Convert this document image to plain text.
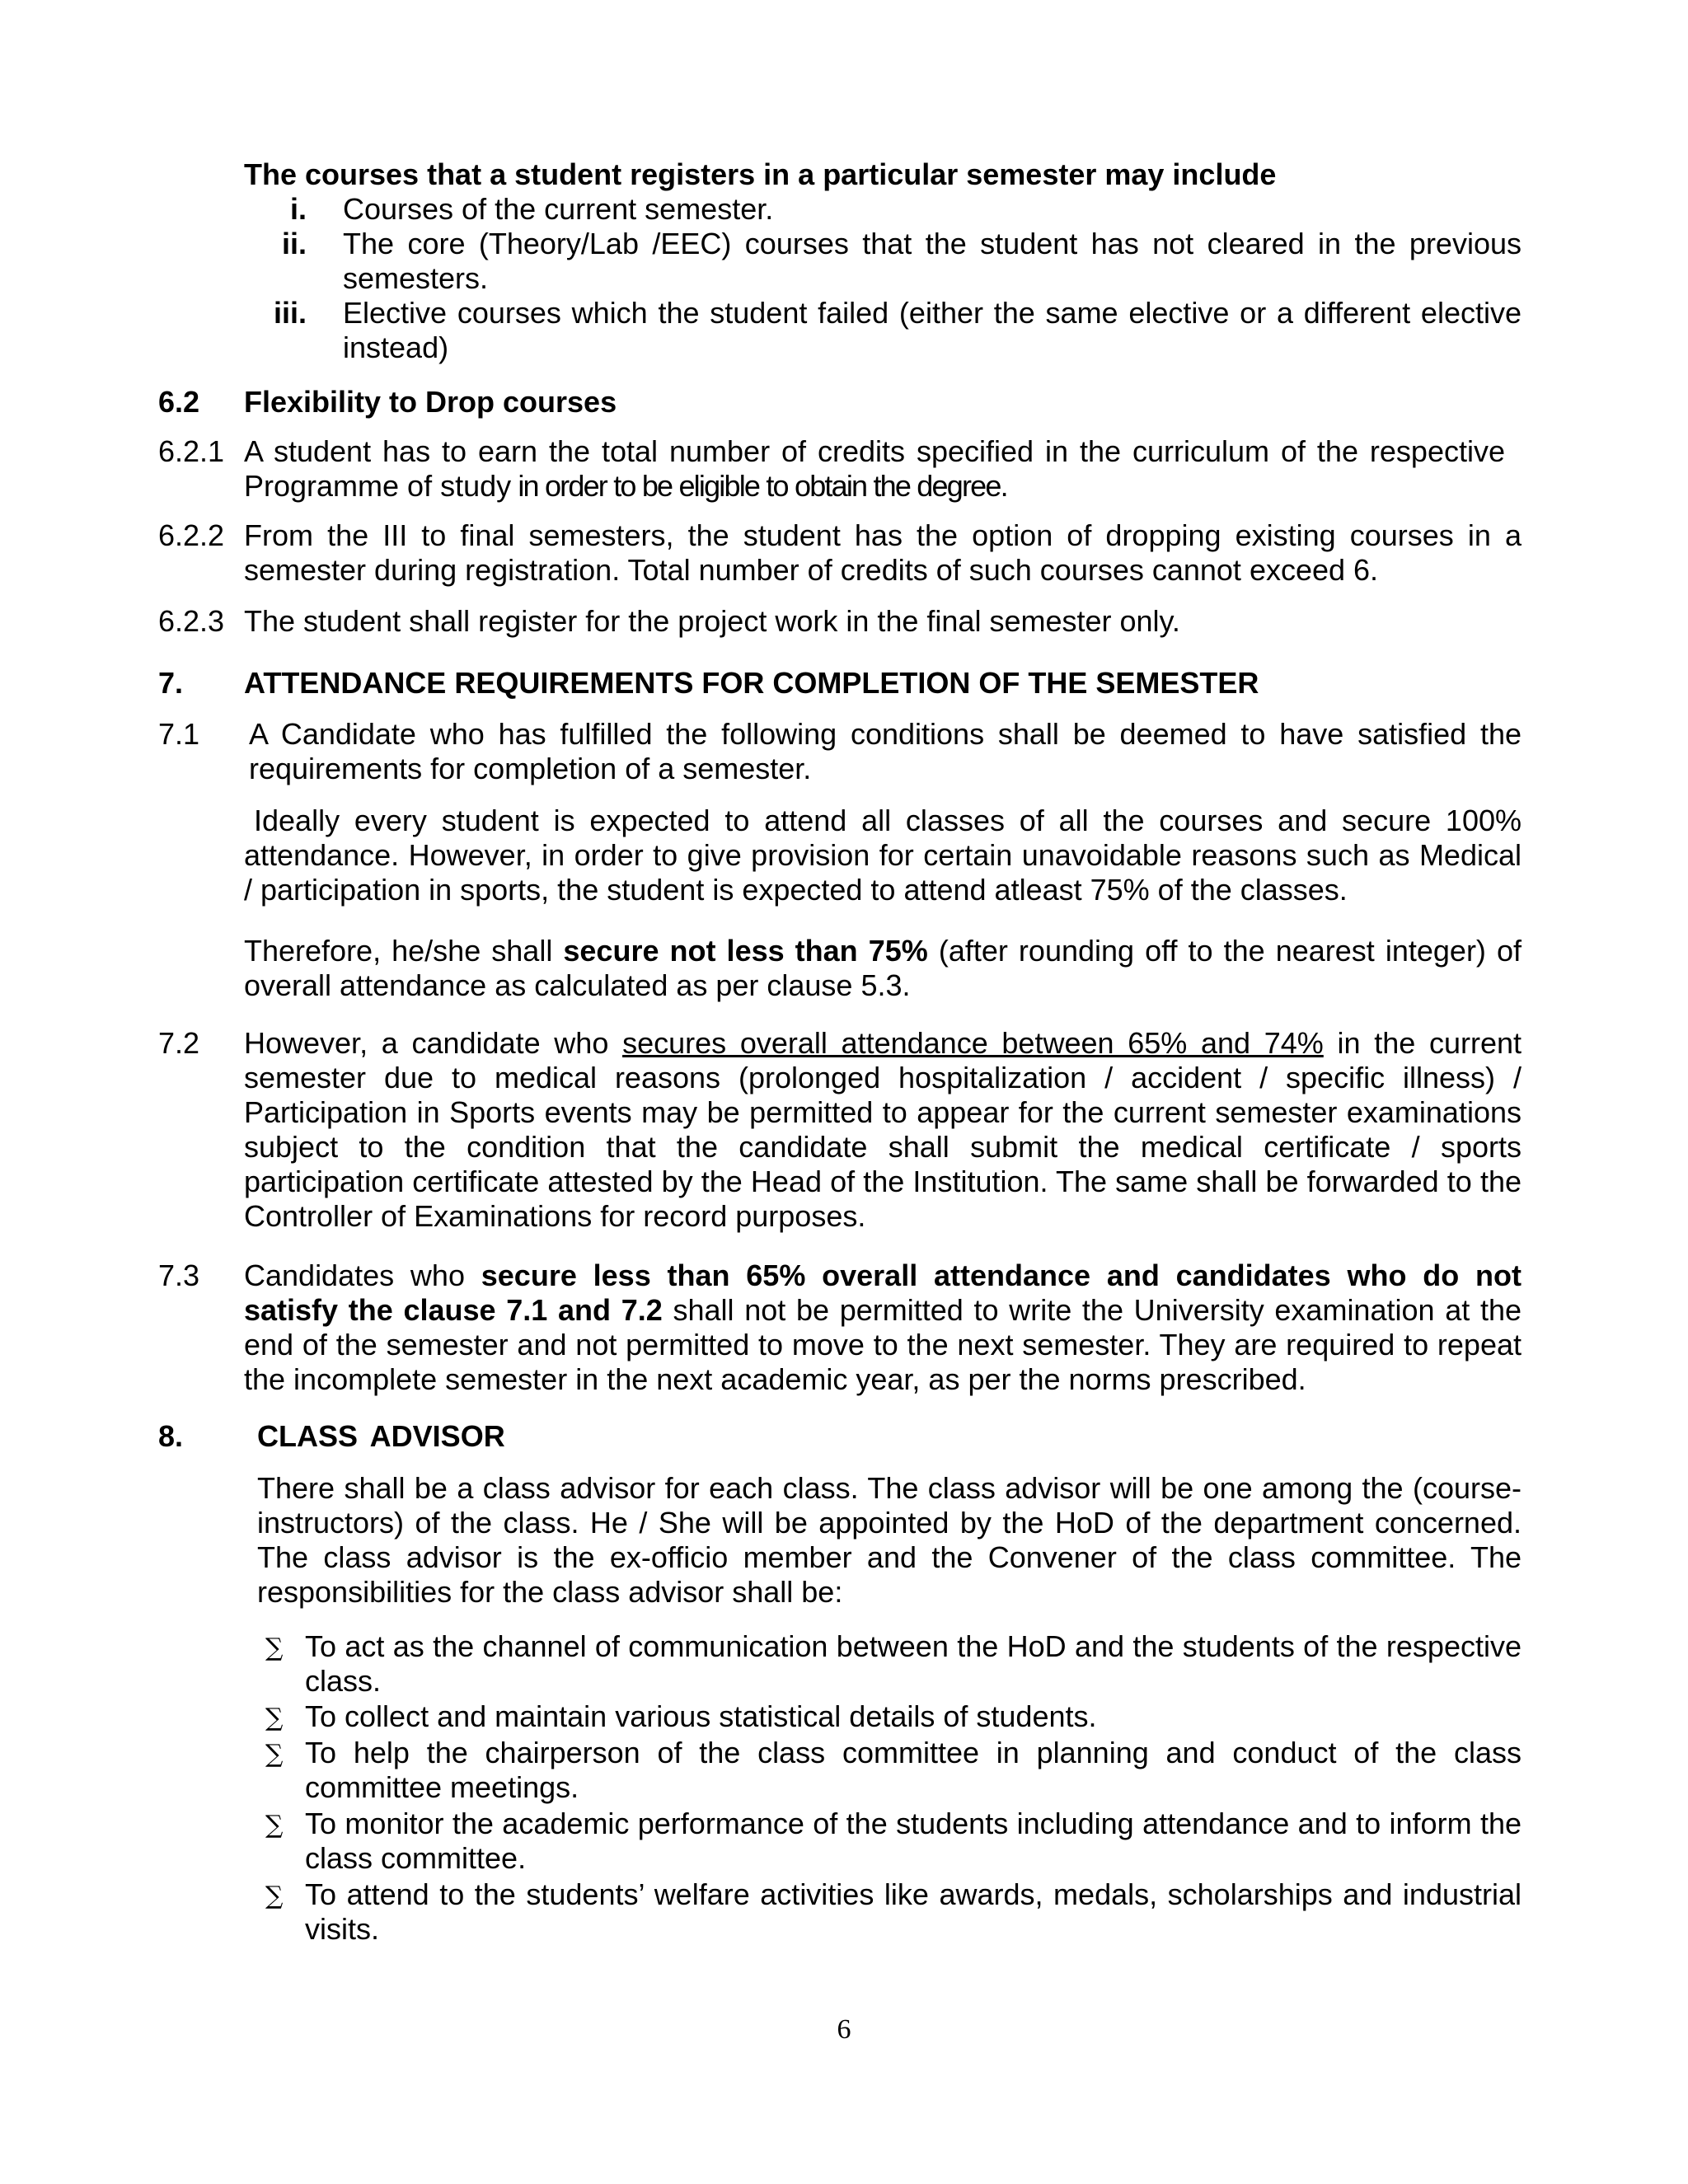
The courses that a student registers in a particular semester may include
i. Courses of the current semester.
ii. The core (Theory/Lab /EEC) courses that the student has not cleared in the previous semesters.
iii. Elective courses which the student failed (either the same elective or a different elective instead)
6.2 Flexibility to Drop courses
6.2.1 A student has to earn the total number of credits specified in the curriculum of the respective Programme of study in order to be eligible to obtain the degree.
6.2.2 From the III to final semesters, the student has the option of dropping existing courses in a semester during registration. Total number of credits of such courses cannot exceed 6.
6.2.3 The student shall register for the project work in the final semester only.
7. ATTENDANCE REQUIREMENTS FOR COMPLETION OF THE SEMESTER
7.1 A Candidate who has fulfilled the following conditions shall be deemed to have satisfied the requirements for completion of a semester.
Ideally every student is expected to attend all classes of all the courses and secure 100% attendance. However, in order to give provision for certain unavoidable reasons such as Medical / participation in sports, the student is expected to attend atleast 75% of the classes.
Therefore, he/she shall secure not less than 75% (after rounding off to the nearest integer) of overall attendance as calculated as per clause 5.3.
7.2 However, a candidate who secures overall attendance between 65% and 74% in the current semester due to medical reasons (prolonged hospitalization / accident / specific illness) / Participation in Sports events may be permitted to appear for the current semester examinations subject to the condition that the candidate shall submit the medical certificate / sports participation certificate attested by the Head of the Institution. The same shall be forwarded to the Controller of Examinations for record purposes.
7.3 Candidates who secure less than 65% overall attendance and candidates who do not satisfy the clause 7.1 and 7.2 shall not be permitted to write the University examination at the end of the semester and not permitted to move to the next semester. They are required to repeat the incomplete semester in the next academic year, as per the norms prescribed.
8. CLASS ADVISOR
There shall be a class advisor for each class. The class advisor will be one among the (course-instructors) of the class. He / She will be appointed by the HoD of the department concerned. The class advisor is the ex-officio member and the Convener of the class committee. The responsibilities for the class advisor shall be:
∑ To act as the channel of communication between the HoD and the students of the respective class.
∑ To collect and maintain various statistical details of students.
∑ To help the chairperson of the class committee in planning and conduct of the class committee meetings.
∑ To monitor the academic performance of the students including attendance and to inform the class committee.
∑ To attend to the students’ welfare activities like awards, medals, scholarships and industrial visits.
6
